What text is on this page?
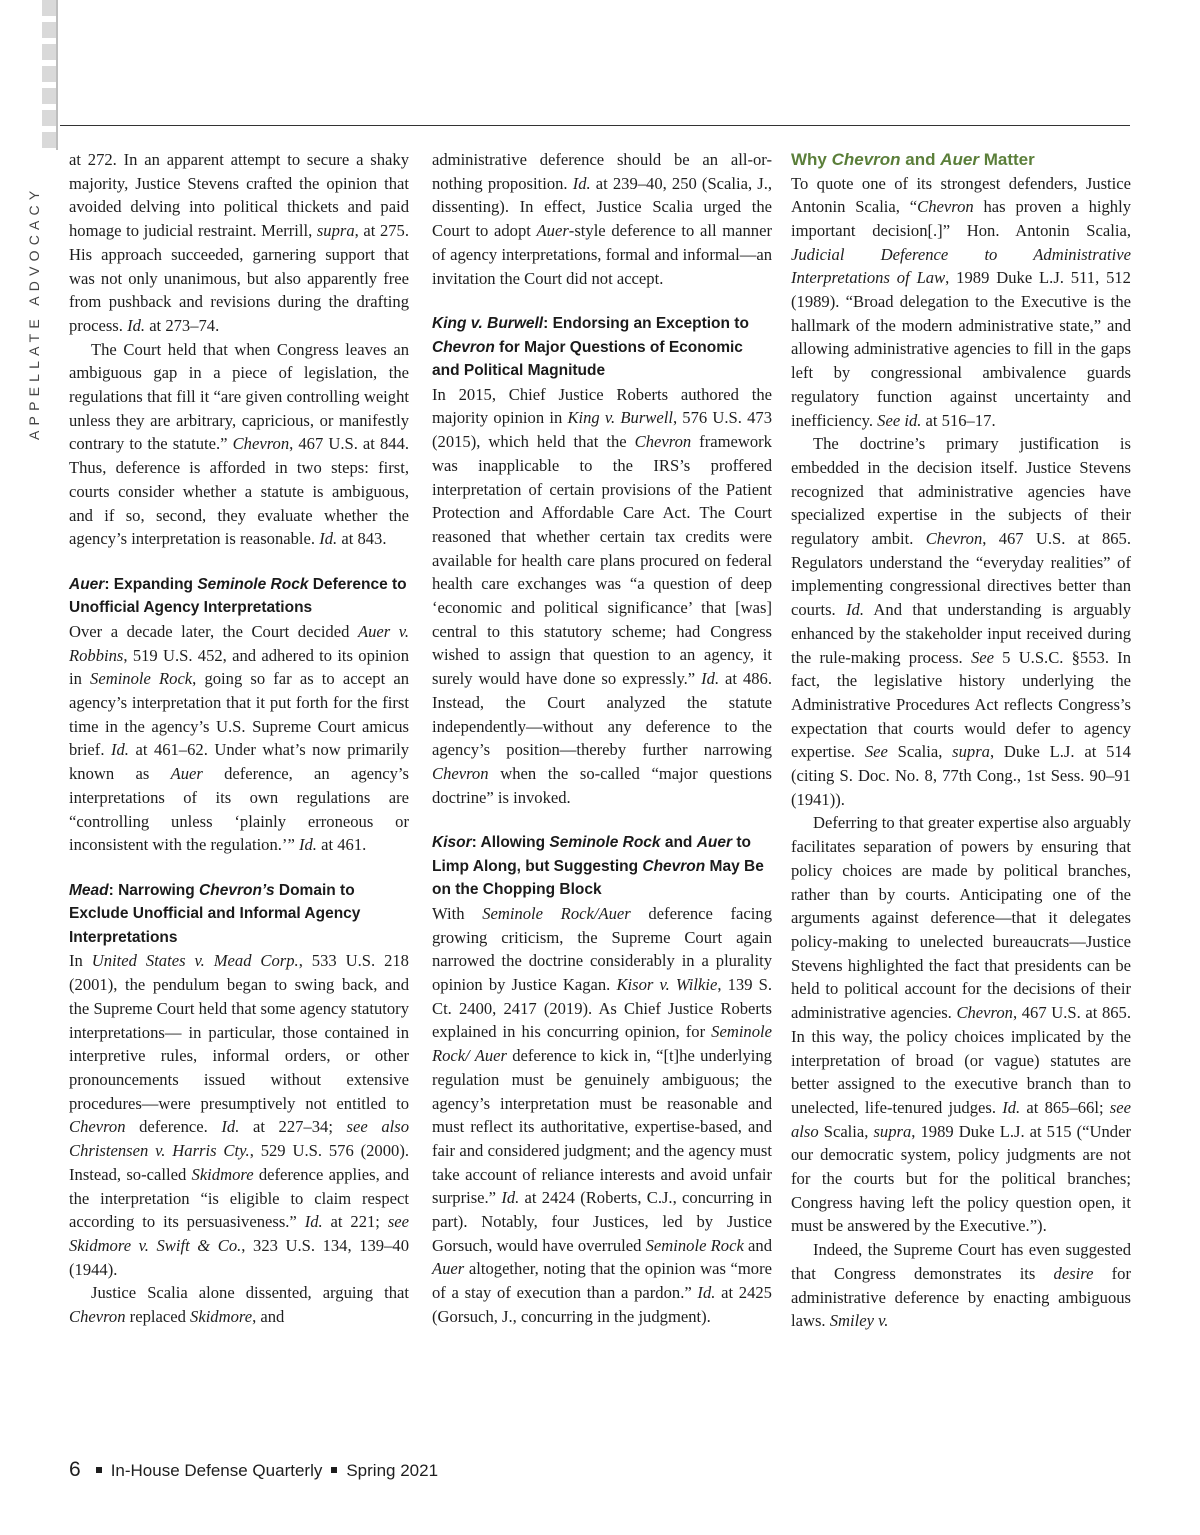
APPELLATE ADVOCACY

at 272. In an apparent attempt to secure a shaky majority, Justice Stevens crafted the opinion that avoided delving into political thickets and paid homage to judicial restraint. Merrill, supra, at 275. His approach succeeded, garnering support that was not only unanimous, but also apparently free from pushback and revisions during the drafting process. Id. at 273–74.

The Court held that when Congress leaves an ambiguous gap in a piece of legislation, the regulations that fill it “are given controlling weight unless they are arbitrary, capricious, or manifestly contrary to the statute.” Chevron, 467 U.S. at 844. Thus, deference is afforded in two steps: first, courts consider whether a statute is ambiguous, and if so, second, they evaluate whether the agency’s interpretation is reasonable. Id. at 843.

Auer: Expanding Seminole Rock Deference to Unofficial Agency Interpretations

Over a decade later, the Court decided Auer v. Robbins, 519 U.S. 452, and adhered to its opinion in Seminole Rock, going so far as to accept an agency’s interpretation that it put forth for the first time in the agency’s U.S. Supreme Court amicus brief. Id. at 461–62. Under what’s now primarily known as Auer deference, an agency’s interpretations of its own regulations are “controlling unless ‘plainly erroneous or inconsistent with the regulation.’” Id. at 461.

Mead: Narrowing Chevron’s Domain to Exclude Unofficial and Informal Agency Interpretations

In United States v. Mead Corp., 533 U.S. 218 (2001), the pendulum began to swing back, and the Supreme Court held that some agency statutory interpretations— in particular, those contained in interpretive rules, informal orders, or other pronouncements issued without extensive procedures—were presumptively not entitled to Chevron deference. Id. at 227–34; see also Christensen v. Harris Cty., 529 U.S. 576 (2000). Instead, so-called Skidmore deference applies, and the interpretation “is eligible to claim respect according to its persuasiveness.” Id. at 221; see Skidmore v. Swift & Co., 323 U.S. 134, 139–40 (1944).

Justice Scalia alone dissented, arguing that Chevron replaced Skidmore, and

administrative deference should be an all-or-nothing proposition. Id. at 239–40, 250 (Scalia, J., dissenting). In effect, Justice Scalia urged the Court to adopt Auer-style deference to all manner of agency interpretations, formal and informal—an invitation the Court did not accept.

King v. Burwell: Endorsing an Exception to Chevron for Major Questions of Economic and Political Magnitude

In 2015, Chief Justice Roberts authored the majority opinion in King v. Burwell, 576 U.S. 473 (2015), which held that the Chevron framework was inapplicable to the IRS’s proffered interpretation of certain provisions of the Patient Protection and Affordable Care Act. The Court reasoned that whether certain tax credits were available for health care plans procured on federal health care exchanges was “a question of deep ‘economic and political significance’ that [was] central to this statutory scheme; had Congress wished to assign that question to an agency, it surely would have done so expressly.” Id. at 486. Instead, the Court analyzed the statute independently—without any deference to the agency’s position—thereby further narrowing Chevron when the so-called “major questions doctrine” is invoked.

Kisor: Allowing Seminole Rock and Auer to Limp Along, but Suggesting Chevron May Be on the Chopping Block

With Seminole Rock/Auer deference facing growing criticism, the Supreme Court again narrowed the doctrine considerably in a plurality opinion by Justice Kagan. Kisor v. Wilkie, 139 S. Ct. 2400, 2417 (2019). As Chief Justice Roberts explained in his concurring opinion, for Seminole Rock/ Auer deference to kick in, “[t]he underlying regulation must be genuinely ambiguous; the agency’s interpretation must be reasonable and must reflect its authoritative, expertise-based, and fair and considered judgment; and the agency must take account of reliance interests and avoid unfair surprise.” Id. at 2424 (Roberts, C.J., concurring in part). Notably, four Justices, led by Justice Gorsuch, would have overruled Seminole Rock and Auer altogether, noting that the opinion was “more of a stay of execution than a pardon.” Id. at 2425 (Gorsuch, J., concurring in the judgment).

Why Chevron and Auer Matter

To quote one of its strongest defenders, Justice Antonin Scalia, “Chevron has proven a highly important decision[.]” Hon. Antonin Scalia, Judicial Deference to Administrative Interpretations of Law, 1989 Duke L.J. 511, 512 (1989). “Broad delegation to the Executive is the hallmark of the modern administrative state,” and allowing administrative agencies to fill in the gaps left by congressional ambivalence guards regulatory function against uncertainty and inefficiency. See id. at 516–17.

The doctrine’s primary justification is embedded in the decision itself. Justice Stevens recognized that administrative agencies have specialized expertise in the subjects of their regulatory ambit. Chevron, 467 U.S. at 865. Regulators understand the “everyday realities” of implementing congressional directives better than courts. Id. And that understanding is arguably enhanced by the stakeholder input received during the rule-making process. See 5 U.S.C. §553. In fact, the legislative history underlying the Administrative Procedures Act reflects Congress’s expectation that courts would defer to agency expertise. See Scalia, supra, Duke L.J. at 514 (citing S. Doc. No. 8, 77th Cong., 1st Sess. 90–91 (1941)).

Deferring to that greater expertise also arguably facilitates separation of powers by ensuring that policy choices are made by political branches, rather than by courts. Anticipating one of the arguments against deference—that it delegates policy-making to unelected bureaucrats—Justice Stevens highlighted the fact that presidents can be held to political account for the decisions of their administrative agencies. Chevron, 467 U.S. at 865. In this way, the policy choices implicated by the interpretation of broad (or vague) statutes are better assigned to the executive branch than to unelected, life-tenured judges. Id. at 865–66l; see also Scalia, supra, 1989 Duke L.J. at 515 (“Under our democratic system, policy judgments are not for the courts but for the political branches; Congress having left the policy question open, it must be answered by the Executive.”).

Indeed, the Supreme Court has even suggested that Congress demonstrates its desire for administrative deference by enacting ambiguous laws. Smiley v.

6 In-House Defense Quarterly Spring 2021
